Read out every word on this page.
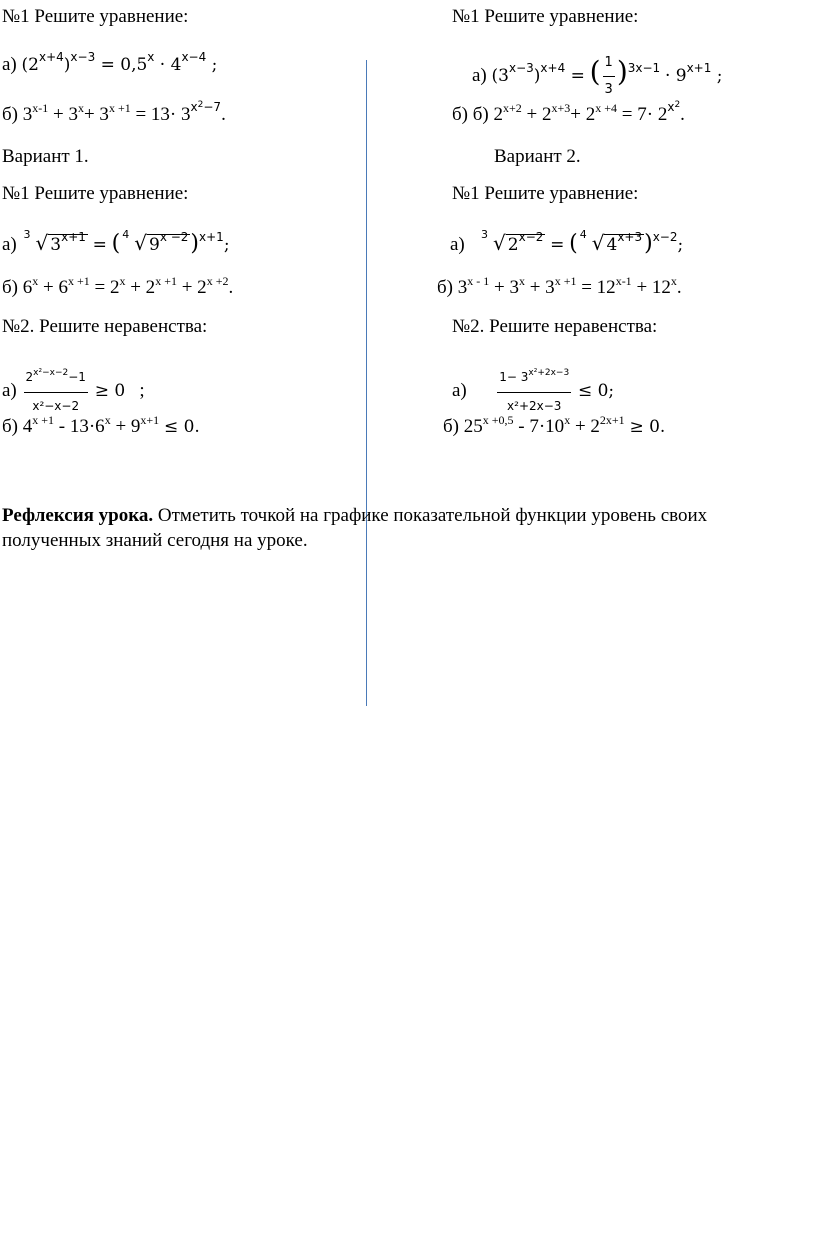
№1 Решите уравнение:
а) $(2^{x+4})^{x-3} = 0,5^x \cdot 4^{x-4}$ ;
б) $3^{x-1} + 3^x+ 3^{x +1} = 13\cdot 3^{x^2-7}$.
Вариант 1.
№1 Решите уравнение:
а) 3 √ $3^{x+1}$ = ( 4 √ $9^{x -2})^{x+1}$;
б) $6^x + 6^{x +1} = 2^x + 2^{x +1} + 2^{x +2}$.
№2. Решите неравенства:
$а) \frac{2^{x^2-x-2}-1}{\text{x²−x−2}} \ge 0$   ;
б) $4^{x +1} - 13\cdot 6^x + 9^{x+1} \le 0$.
№1 Решите уравнение:
а) $(3^{x-3})^{x+4}$ = ( $\frac{1}{3} )^{3x-1} \cdot 9^{x+1}$ ;
б) б) $2^{x+2} + 2^{x+3}+ 2^{x +4} = 7\cdot 2^{x^2}$.
Вариант 2.
№1 Решите уравнение:
а) 3 √ $2^{x-2}$ = ( 4 √ $4^{x+3})^{x-2}$;
б) $3^{x - 1} + 3^x + 3^{x +1} = 12^{x-1} + 12^x$.
№2. Решите неравенства:
$а) \frac{1- 3^{x^2+2x-3}}{\text{x²+2x−3}} \le 0$;
б) $25^{x +0,5} - 7\cdot 10^x + 2^{2x+1} \ge 0$.
Рефлексия урока. Отметить точкой на графике показательной функции уровень своих
полученных знаний сегодня на уроке.
